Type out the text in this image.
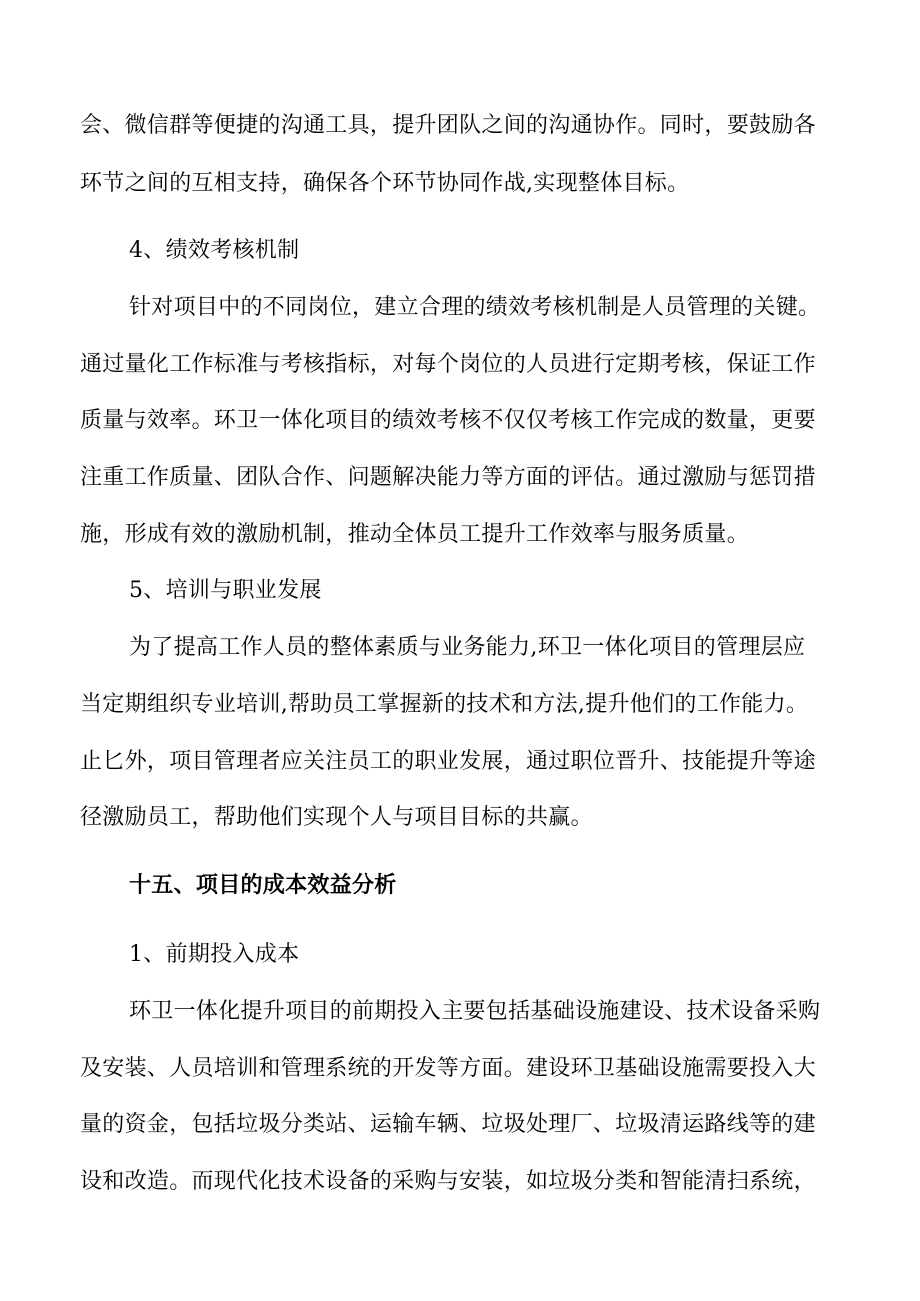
会、微信群等便捷的沟通工具，提升团队之间的沟通协作。同时，要鼓励各
环节之间的互相支持，确保各个环节协同作战,实现整体目标。
4、绩效考核机制
针对项目中的不同岗位，建立合理的绩效考核机制是人员管理的关键。
通过量化工作标准与考核指标，对每个岗位的人员进行定期考核，保证工作
质量与效率。环卫一体化项目的绩效考核不仅仅考核工作完成的数量，更要
注重工作质量、团队合作、问题解决能力等方面的评估。通过激励与惩罚措
施，形成有效的激励机制，推动全体员工提升工作效率与服务质量。
5、培训与职业发展
为了提高工作人员的整体素质与业务能力,环卫一体化项目的管理层应
当定期组织专业培训,帮助员工掌握新的技术和方法,提升他们的工作能力。
止匕外，项目管理者应关注员工的职业发展，通过职位晋升、技能提升等途
径激励员工，帮助他们实现个人与项目目标的共赢。
十五、项目的成本效益分析
1、前期投入成本
环卫一体化提升项目的前期投入主要包括基础设施建设、技术设备采购
及安装、人员培训和管理系统的开发等方面。建设环卫基础设施需要投入大
量的资金，包括垃圾分类站、运输车辆、垃圾处理厂、垃圾清运路线等的建
设和改造。而现代化技术设备的采购与安装，如垃圾分类和智能清扫系统，
